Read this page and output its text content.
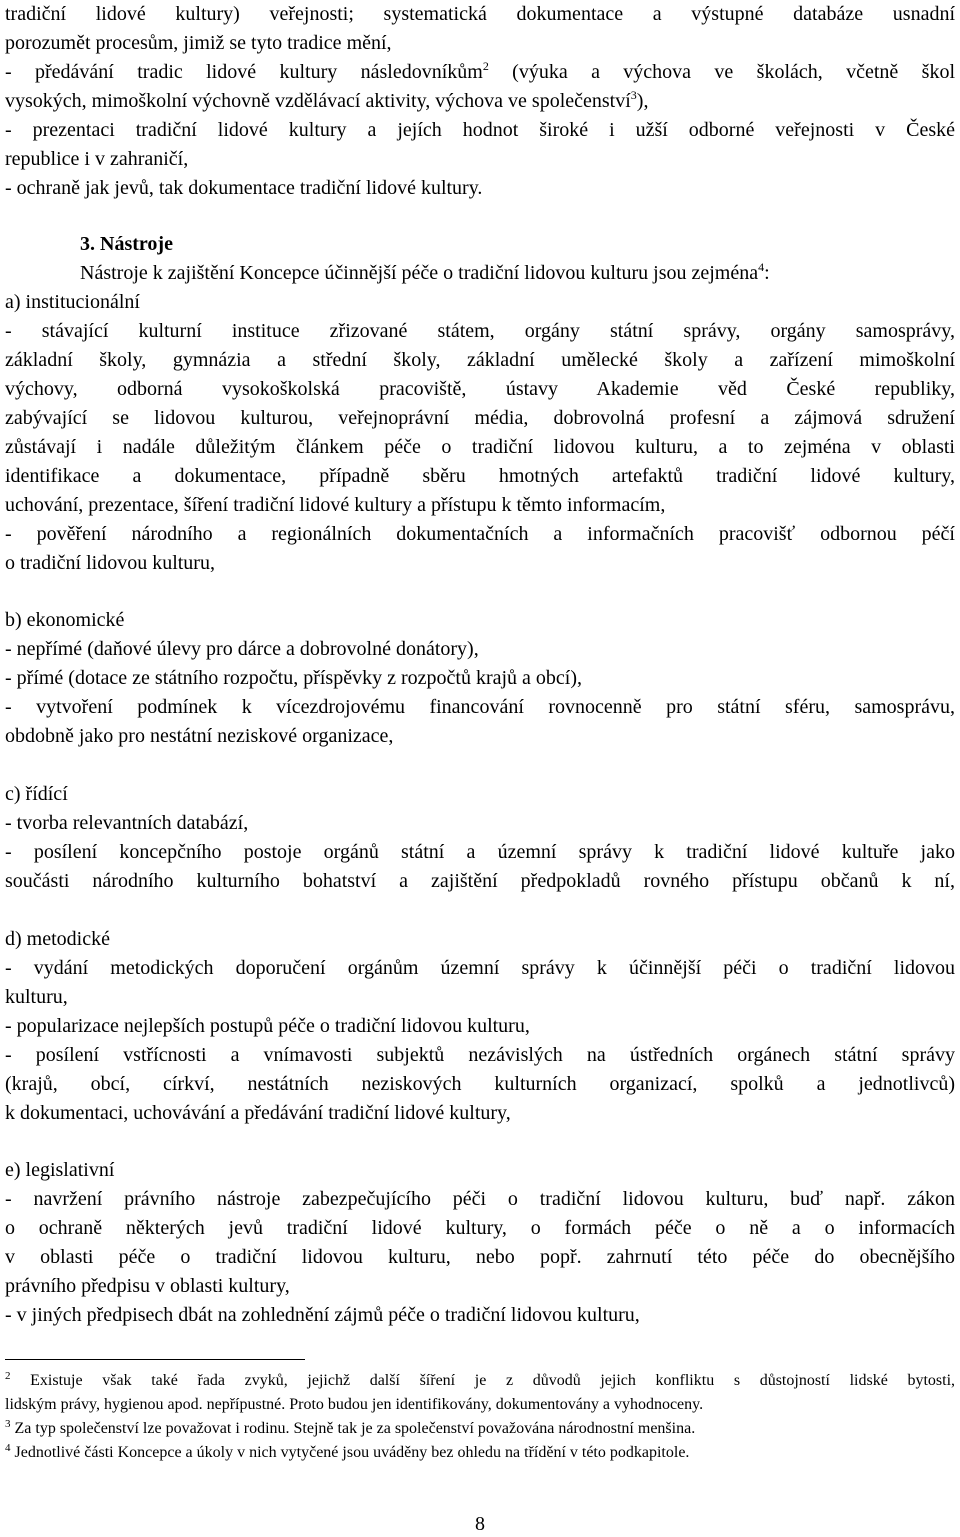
tradiční lidové kultury) veřejnosti; systematická dokumentace a výstupné databáze usnadní
porozumět procesům, jimiž se tyto tradice mění,
- předávání tradic lidové kultury následovníkům$^2$ (výuka a výchova ve školách, včetně škol
vysokých, mimoškolní výchovně vzdělávací aktivity, výchova ve společenství$^3$),
- prezentaci tradiční lidové kultury a jejích hodnot široké i užší odborné veřejnosti v České
republice i v zahraničí,
- ochraně jak jevů, tak dokumentace tradiční lidové kultury.
3. Nástroje
Nástroje k zajištění Koncepce účinnější péče o tradiční lidovou kulturu jsou zejména$^4$:
a) institucionální
- stávající kulturní instituce zřizované státem, orgány státní správy, orgány samosprávy,
základní školy, gymnázia a střední školy, základní umělecké školy a zařízení mimoškolní
výchovy, odborná vysokoškolská pracoviště, ústavy Akademie věd České republiky,
zabývající se lidovou kulturou, veřejnoprávní média, dobrovolná profesní a zájmová sdružení
zůstávají i nadále důležitým článkem péče o tradiční lidovou kulturu, a to zejména v oblasti
identifikace a dokumentace, případně sběru hmotných artefaktů tradiční lidové kultury,
uchování, prezentace, šíření tradiční lidové kultury a přístupu k těmto informacím,
- pověření národního a regionálních dokumentačních a informačních pracovišť odbornou péčí
o tradiční lidovou kulturu,
b) ekonomické
- nepřímé (daňové úlevy pro dárce a dobrovolné donátory),
- přímé (dotace ze státního rozpočtu, příspěvky z rozpočtů krajů a obcí),
- vytvoření podmínek k vícezdrojovému financování rovnocenně pro státní sféru, samosprávu,
obdobně jako pro nestátní neziskové organizace,
c) řídící
- tvorba relevantních databází,
- posílení koncepčního postoje orgánů státní a územní správy k tradiční lidové kultuře jako
součásti národního kulturního bohatství a zajištění předpokladů rovného přístupu občanů k ní,
d) metodické
- vydání metodických doporučení orgánům územní správy k účinnější péči o tradiční lidovou
kulturu,
- popularizace nejlepších postupů péče o tradiční lidovou kulturu,
- posílení vstřícnosti a vnímavosti subjektů nezávislých na ústředních orgánech státní správy
(krajů, obcí, církví, nestátních neziskových kulturních organizací, spolků a jednotlivců)
k dokumentaci, uchovávání a předávání tradiční lidové kultury,
e) legislativní
- navržení právního nástroje zabezpečujícího péči o tradiční lidovou kulturu, buď např. zákon
o ochraně některých jevů tradiční lidové kultury, o formách péče o ně a o informacích
v oblasti péče o tradiční lidovou kulturu, nebo popř. zahrnutí této péče do obecnějšího
právního předpisu v oblasti kultury,
- v jiných předpisech dbát na zohlednění zájmů péče o tradiční lidovou kulturu,
$^2$ Existuje však také řada zvyků, jejichž další šíření je z důvodů jejich konfliktu s důstojností lidské bytosti,
lidským právy, hygienou apod. nepřípustné. Proto budou jen identifikovány, dokumentovány a vyhodnoceny.
$^3$ Za typ společenství lze považovat i rodinu. Stejně tak je za společenství považována národnostní menšina.
$^4$ Jednotlivé části Koncepce a úkoly v nich vytyčené jsou uváděny bez ohledu na třídění v této podkapitole.
8
